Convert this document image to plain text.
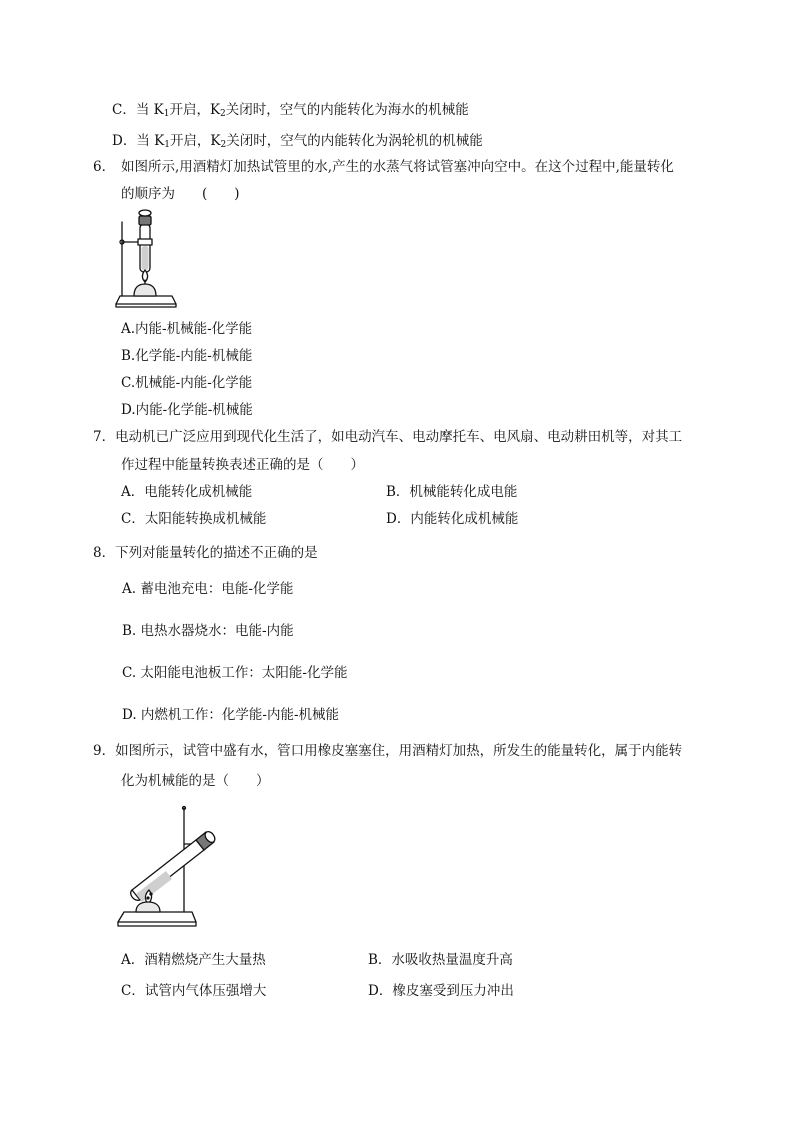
C．当 $K_1$开启，$K_2$关闭时，空气的内能转化为海水的机械能
D．当 $K_1$开启，$K_2$关闭时，空气的内能转化为涡轮机的机械能
6． 如图所示,用酒精灯加热试管里的水,产生的水蒸气将试管塞冲向空中。在这个过程中,能量转化
的顺序为　　(　　)
A.内能-机械能-化学能
B.化学能-内能-机械能
C.机械能-内能-化学能
D.内能-化学能-机械能
7．电动机已广泛应用到现代化生活了，如电动汽车、电动摩托车、电风扇、电动耕田机等，对其工
作过程中能量转换表述正确的是（　　）
A．电能转化成机械能	B．机械能转化成电能
C．太阳能转换成机械能	D．内能转化成机械能
8．下列对能量转化的描述不正确的是
A. 蓄电池充电：电能-化学能
B. 电热水器烧水：电能-内能
C. 太阳能电池板工作：太阳能-化学能
D. 内燃机工作：化学能-内能-机械能
9．如图所示，试管中盛有水，管口用橡皮塞塞住，用酒精灯加热，所发生的能量转化，属于内能转
化为机械能的是（　　）
A．酒精燃烧产生大量热	B．水吸收热量温度升高
C．试管内气体压强增大	D．橡皮塞受到压力冲出
